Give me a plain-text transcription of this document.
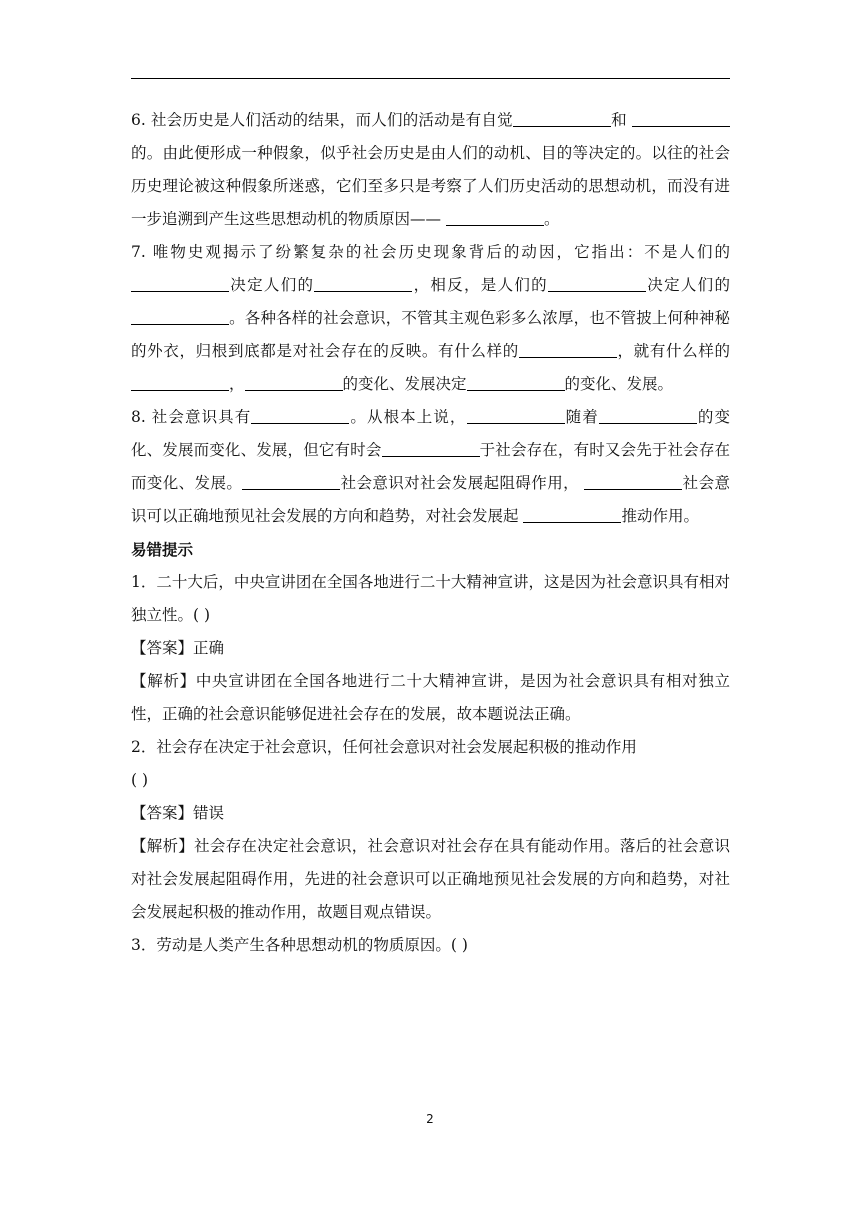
6. 社会历史是人们活动的结果，而人们的活动是有自觉	和 的。由此便形成一种假象，似乎社会历史是由人们的动机、目的等决定的。以往的社会历史理论被这种假象所迷惑，它们至多只是考察了人们历史活动的思想动机，而没有进一步追溯到产生这些思想动机的物质原因——	。

7. 唯物史观揭示了纷繁复杂的社会历史现象背后的动因，它指出：不是人们的 决定人们的	，相反，是人们的	决定人们的。各种各样的社会意识，不管其主观色彩多么浓厚，也不管披上何种神秘的外衣，归根到底都是对社会存在的反映。有什么样的	，就有什么样的，	的变化、发展决定	的变化、发展。

8. 社会意识具有	。从根本上说，	随着	的变化、发展而变化、发展，但它有时会	于社会存在，有时又会先于社会存在而变化、发展。	社会意识对社会发展起阻碍作用，	社会意识可以正确地预见社会发展的方向和趋势，对社会发展起	推动作用。

易错提示

1．二十大后，中央宣讲团在全国各地进行二十大精神宣讲，这是因为社会意识具有相对独立性。( )

【答案】正确

【解析】中央宣讲团在全国各地进行二十大精神宣讲，是因为社会意识具有相对独立性，正确的社会意识能够促进社会存在的发展，故本题说法正确。

2．社会存在决定于社会意识，任何社会意识对社会发展起积极的推动作用
( )

【答案】错误

【解析】社会存在决定社会意识，社会意识对社会存在具有能动作用。落后的社会意识对社会发展起阻碍作用，先进的社会意识可以正确地预见社会发展的方向和趋势，对社会发展起积极的推动作用，故题目观点错误。

3．劳动是人类产生各种思想动机的物质原因。( )

2
